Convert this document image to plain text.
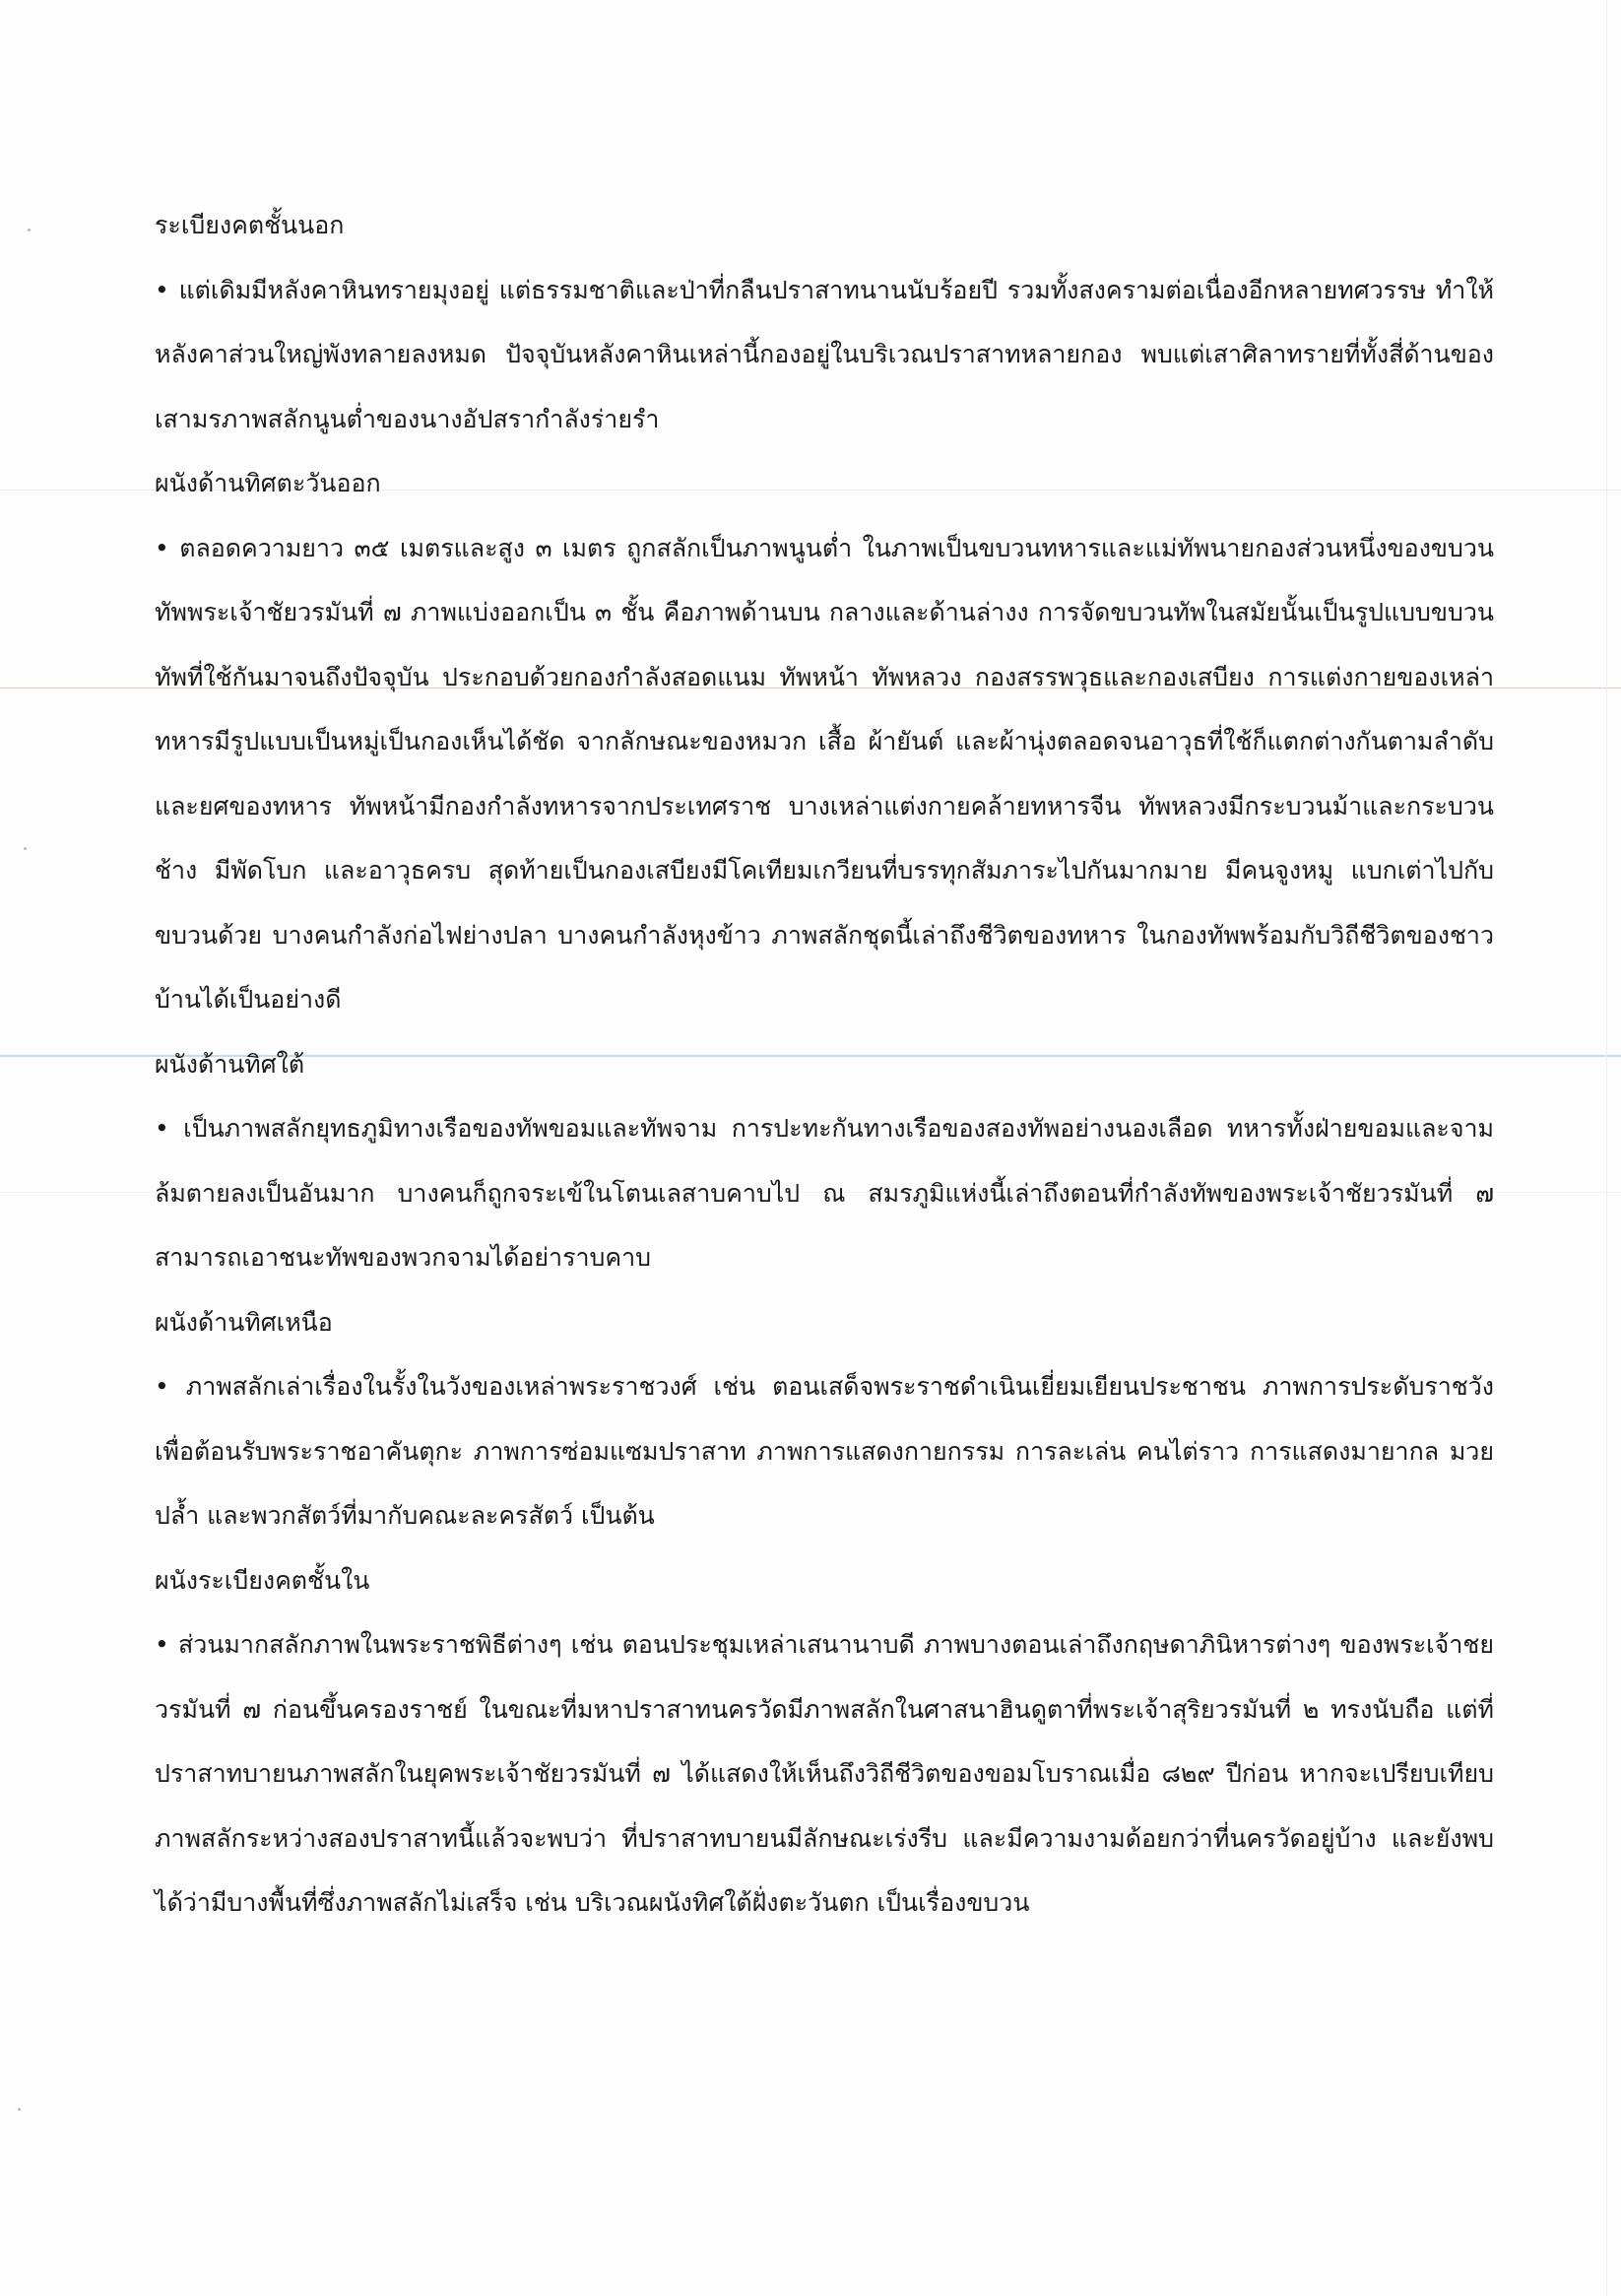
ระเบียงคตชั้นนอก

• แต่เดิมมีหลังคาหินทรายมุงอยู่ แต่ธรรมชาติและป่าที่กลืนปราสาทนานนับร้อยปี รวมทั้งสงครามต่อเนื่องอีกหลายทศวรรษ ทำให้หลังคาส่วนใหญ่พังทลายลงหมด ปัจจุบันหลังคาหินเหล่านี้กองอยู่ในบริเวณปราสาทหลายกอง พบแต่เสาศิลาทรายที่ทั้งสี่ด้านของเสามรภาพสลักนูนต่ำของนางอัปสรากำลังร่ายรำ

ผนังด้านทิศตะวันออก

• ตลอดความยาว ๓๕ เมตรและสูง ๓ เมตร ถูกสลักเป็นภาพนูนต่ำ ในภาพเป็นขบวนทหารและแม่ทัพนายกองส่วนหนึ่งของขบวนทัพพระเจ้าชัยวรมันที่ ๗ ภาพแบ่งออกเป็น ๓ ชั้น คือภาพด้านบน กลางและด้านล่างง การจัดขบวนทัพในสมัยนั้นเป็นรูปแบบขบวนทัพที่ใช้กันมาจนถึงปัจจุบัน ประกอบด้วยกองกำลังสอดแนม ทัพหน้า ทัพหลวง กองสรรพวุธและกองเสบียง การแต่งกายของเหล่าทหารมีรูปแบบเป็นหมู่เป็นกองเห็นได้ชัด จากลักษณะของหมวก เสื้อ ผ้ายันต์ และผ้านุ่งตลอดจนอาวุธที่ใช้ก็แตกต่างกันตามลำดับและยศของทหาร ทัพหน้ามีกองกำลังทหารจากประเทศราช บางเหล่าแต่งกายคล้ายทหารจีน ทัพหลวงมีกระบวนม้าและกระบวนช้าง มีพัดโบก และอาวุธครบ สุดท้ายเป็นกองเสบียงมีโคเทียมเกวียนที่บรรทุกสัมภาระไปกันมากมาย มีคนจูงหมู แบกเต่าไปกับขบวนด้วย บางคนกำลังก่อไฟย่างปลา บางคนกำลังหุงข้าว ภาพสลักชุดนี้เล่าถึงชีวิตของทหาร ในกองทัพพร้อมกับวิถีชีวิตของชาวบ้านได้เป็นอย่างดี

ผนังด้านทิศใต้

• เป็นภาพสลักยุทธภูมิทางเรือของทัพขอมและทัพจาม การปะทะกันทางเรือของสองทัพอย่างนองเลือด ทหารทั้งฝ่ายขอมและจามล้มตายลงเป็นอันมาก บางคนก็ถูกจระเข้ในโตนเลสาบคาบไป ณ สมรภูมิแห่งนี้เล่าถึงตอนที่กำลังทัพของพระเจ้าชัยวรมันที่ ๗ สามารถเอาชนะทัพของพวกจามได้อย่าราบคาบ

ผนังด้านทิศเหนือ

• ภาพสลักเล่าเรื่องในรั้งในวังของเหล่าพระราชวงศ์ เช่น ตอนเสด็จพระราชดำเนินเยี่ยมเยียนประชาชน ภาพการประดับราชวังเพื่อต้อนรับพระราชอาคันตุกะ ภาพการซ่อมแซมปราสาท ภาพการแสดงกายกรรม การละเล่น คนไต่ราว การแสดงมายากล มวยปล้ำ และพวกสัตว์ที่มากับคณะละครสัตว์ เป็นต้น

ผนังระเบียงคตชั้นใน

• ส่วนมากสลักภาพในพระราชพิธีต่างๆ เช่น ตอนประชุมเหล่าเสนานาบดี ภาพบางตอนเล่าถึงกฤษดาภินิหารต่างๆ ของพระเจ้าชยวรมันที่ ๗ ก่อนขึ้นครองราชย์ ในขณะที่มหาปราสาทนครวัดมีภาพสลักในศาสนาฮินดูตาที่พระเจ้าสุริยวรมันที่ ๒ ทรงนับถือ แต่ที่ปราสาทบายนภาพสลักในยุคพระเจ้าชัยวรมันที่ ๗ ได้แสดงให้เห็นถึงวิถีชีวิตของขอมโบราณเมื่อ ๘๒๙ ปีก่อน หากจะเปรียบเทียบภาพสลักระหว่างสองปราสาทนี้แล้วจะพบว่า ที่ปราสาทบายนมีลักษณะเร่งรีบ และมีความงามด้อยกว่าที่นครวัดอยู่บ้าง และยังพบได้ว่ามีบางพื้นที่ซึ่งภาพสลักไม่เสร็จ เช่น บริเวณผนังทิศใต้ฝั่งตะวันตก เป็นเรื่องขบวน
